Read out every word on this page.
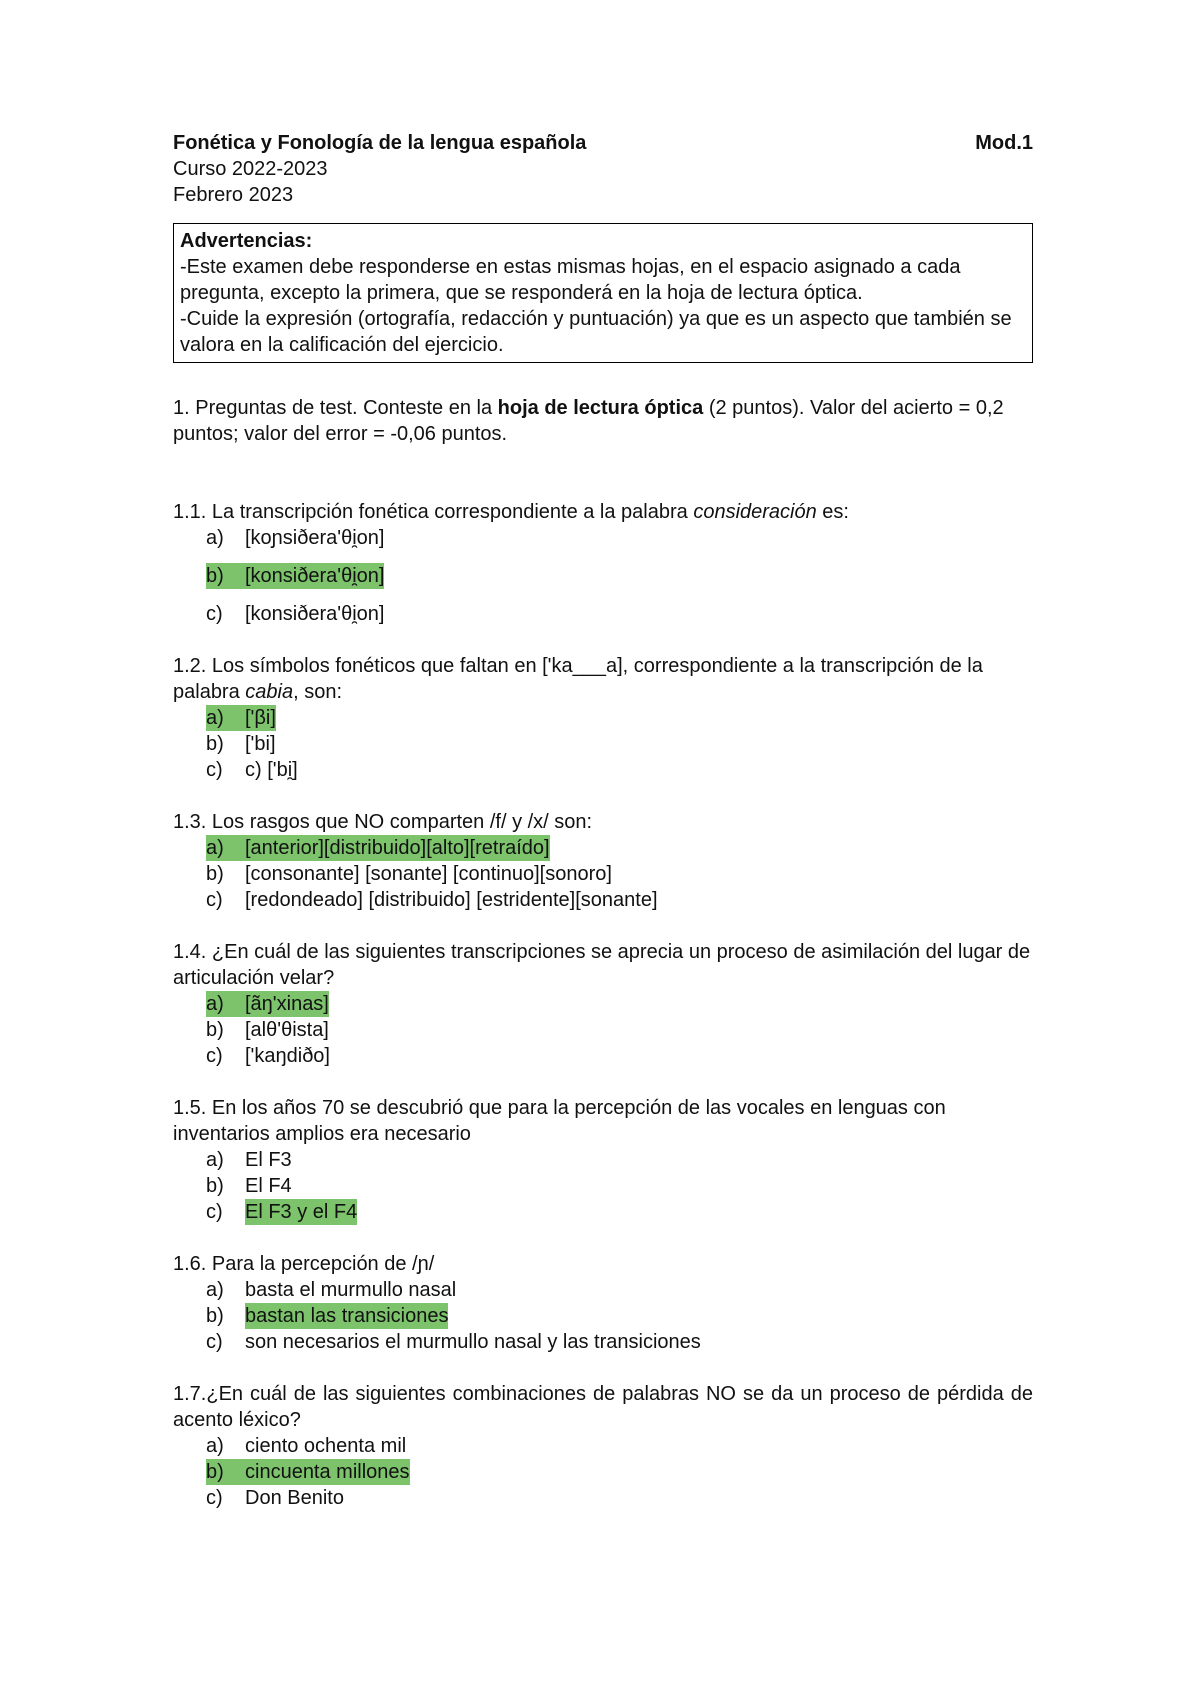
Fonética y Fonología de la lengua española	Mod.1
Curso 2022-2023
Febrero 2023
Advertencias:
-Este examen debe responderse en estas mismas hojas, en el espacio asignado a cada pregunta, excepto la primera, que se responderá en la hoja de lectura óptica.
-Cuide la expresión (ortografía, redacción y puntuación) ya que es un aspecto que también se valora en la calificación del ejercicio.
1. Preguntas de test. Conteste en la hoja de lectura óptica (2 puntos). Valor del acierto = 0,2 puntos; valor del error = -0,06 puntos.
1.1. La transcripción fonética correspondiente a la palabra consideración es:
a)	[koɲsiðera'θi̯on]
b)	[konsiðera'θi̯on]
c)	[konsiðera'θi̯on]
1.2. Los símbolos fonéticos que faltan en ['ka___a], correspondiente a la transcripción de la palabra cabia, son:
a)	['βi]
b)	['bi]
c)	c) ['bi̯]
1.3. Los rasgos que NO comparten /f/ y /x/ son:
a)	[anterior][distribuido][alto][retraído]
b)	[consonante] [sonante] [continuo][sonoro]
c)	[redondeado] [distribuido] [estridente][sonante]
1.4. ¿En cuál de las siguientes transcripciones se aprecia un proceso de asimilación del lugar de articulación velar?
a)	[ãŋ'xinas]
b)	[alθ'θista]
c)	['kaŋdiðo]
1.5. En los años 70 se descubrió que para la percepción de las vocales en lenguas con inventarios amplios era necesario
a)	El F3
b)	El F4
c)	El F3 y el F4
1.6. Para la percepción de /ɲ/
a)	basta el murmullo nasal
b)	bastan las transiciones
c)	son necesarios el murmullo nasal y las transiciones
1.7.¿En cuál de las siguientes combinaciones de palabras NO se da un proceso de pérdida de acento léxico?
a)	ciento ochenta mil
b)	cincuenta millones
c)	Don Benito
